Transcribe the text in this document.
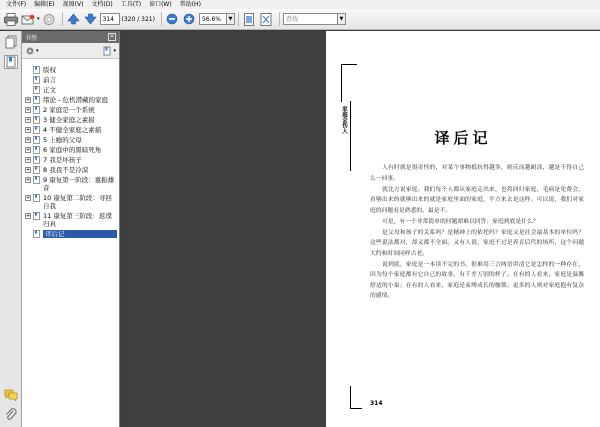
文件(F)	编辑(E)	视图(V)	文档(D)	工具(T)	窗口(W)	帮助(H)
▾
314	(320 / 321)
56.6%	▼
查找	▼
书签	×
▾	▾
版权
前言
正文
+ 绪论 - 危机潜藏的家庭
+ 2 家庭是一个系统
+ 3 健全家庭之素描
+ 4 不健全家庭之素描
+ 5 上瘾的父母
+ 6 家庭中的黑暗死角
+ 7 我是坏孩子
+ 8 我我不是冷漠
+ 9 康复第一阶段：重振雄音
+ 10 康复第二阶段：寻回自我
+ 11 康复第三阶段：返璞归真
译后记
家庭会伤人
译后记

人有时就是很奇怪的，对某个事物抵抗得越多，则反而越耐涂，越是不得自己么一回事。

就比方说家庭。我们每个人都从家庭走出来，也将回归家庭，毛病是免费会，看够出来的就够出来的就是家庭里面的家庭，平方来去是这样。可以说，我们对家庭的问题看是熟悉的，最是不。

可是，有一个非常简单的问题却难以回答：家庭到底是什么？

是父母和孩子的关系吗？是精神上的依托吗？家庭又是社会最基本的单位吗？这些说法都对，却又都不全面。又有人说，家庭不过是养育后代的场所，这个问题大约和时间同样古老。

说到底，家庭是一本读不完的书。很难用三言两语讲清它是怎样的一种存在，因为每个家庭都有它自己的故事，有千差万别的样子。在有的人看来，家庭是温馨舒适的小巢；在有的人看来，家庭是束缚成长的枷锁；更多的人则对家庭抱有复杂的感情。

314
